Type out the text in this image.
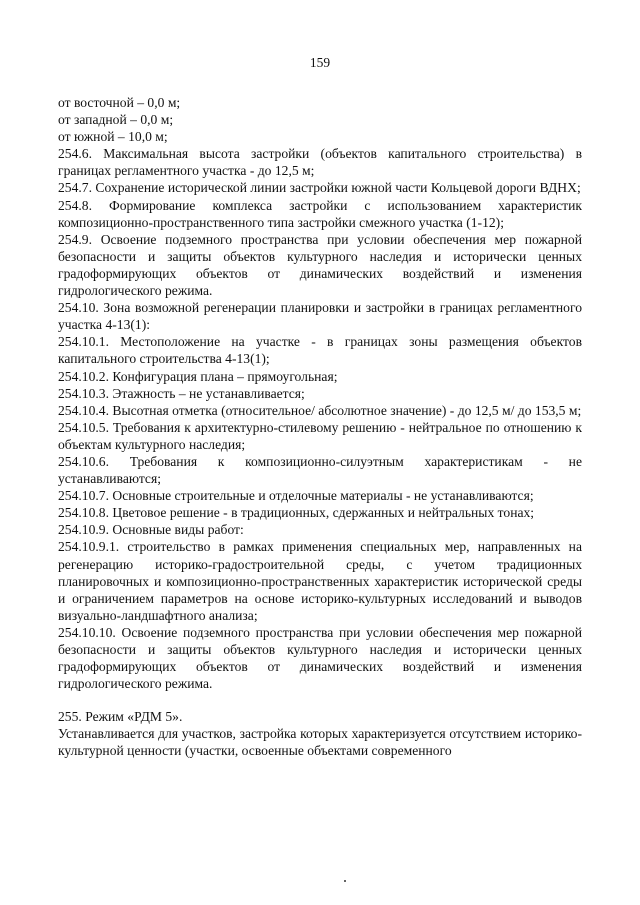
159

от восточной – 0,0 м;

от западной – 0,0 м;

от южной – 10,0 м;

254.6. Максимальная высота застройки (объектов капитального строительства) в границах регламентного участка - до 12,5 м;

254.7. Сохранение исторической линии застройки южной части Кольцевой дороги ВДНХ;

254.8. Формирование комплекса застройки с использованием характеристик композиционно-пространственного типа застройки смежного участка (1-12);

254.9. Освоение подземного пространства при условии обеспечения мер пожарной безопасности и защиты объектов культурного наследия и исторически ценных градоформирующих объектов от динамических воздействий и изменения гидрологического режима.

254.10. Зона возможной регенерации планировки и застройки в границах регламентного участка 4-13(1):

254.10.1. Местоположение на участке - в границах зоны размещения объектов капитального строительства 4-13(1);

254.10.2. Конфигурация плана – прямоугольная;

254.10.3. Этажность – не устанавливается;

254.10.4. Высотная отметка (относительное/ абсолютное значение) - до 12,5 м/ до 153,5 м;

254.10.5. Требования к архитектурно-стилевому решению - нейтральное по отношению к объектам культурного наследия;

254.10.6. Требования к композиционно-силуэтным характеристикам - не устанавливаются;

254.10.7. Основные строительные и отделочные материалы - не устанавливаются;

254.10.8. Цветовое решение - в традиционных, сдержанных и нейтральных тонах;

254.10.9. Основные виды работ:

254.10.9.1. строительство в рамках применения специальных мер, направленных на регенерацию историко-градостроительной среды, с учетом традиционных планировочных и композиционно-пространственных характеристик исторической среды и ограничением параметров на основе историко-культурных исследований и выводов визуально-ландшафтного анализа;

254.10.10. Освоение подземного пространства при условии обеспечения мер пожарной безопасности и защиты объектов культурного наследия и исторически ценных градоформирующих объектов от динамических воздействий и изменения гидрологического режима.

255. Режим «РДМ 5».

Устанавливается для участков, застройка которых характеризуется отсутствием историко-культурной ценности (участки, освоенные объектами современного
